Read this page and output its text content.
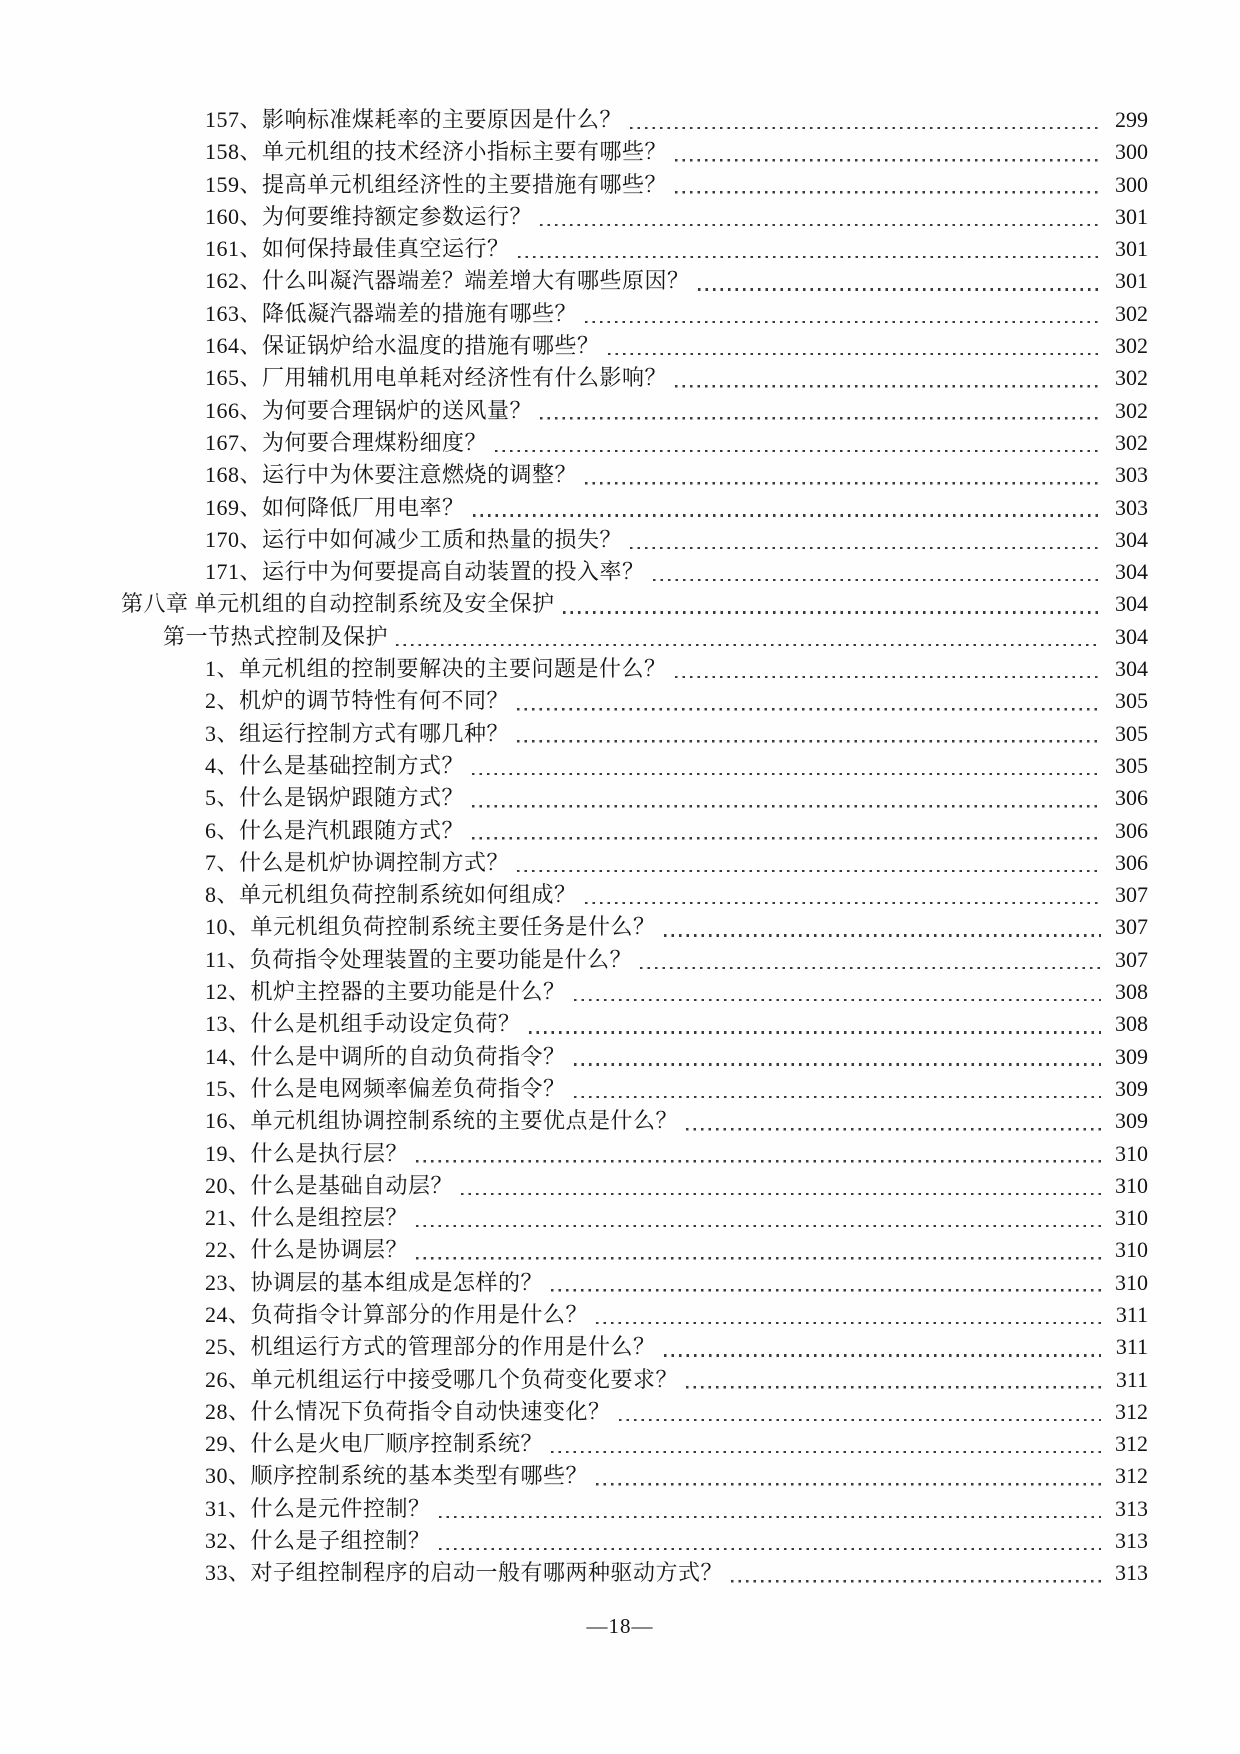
157、影响标准煤耗率的主要原因是什么？	299
158、单元机组的技术经济小指标主要有哪些？	300
159、提高单元机组经济性的主要措施有哪些？	300
160、为何要维持额定参数运行？	301
161、如何保持最佳真空运行？	301
162、什么叫凝汽器端差？端差增大有哪些原因？	301
163、降低凝汽器端差的措施有哪些？	302
164、保证锅炉给水温度的措施有哪些？	302
165、厂用辅机用电单耗对经济性有什么影响？	302
166、为何要合理锅炉的送风量？	302
167、为何要合理煤粉细度？	302
168、运行中为休要注意燃烧的调整？	303
169、如何降低厂用电率？	303
170、运行中如何减少工质和热量的损失？	304
171、运行中为何要提高自动装置的投入率？	304
第八章 单元机组的自动控制系统及安全保护	304
第一节热式控制及保护	304
1、单元机组的控制要解决的主要问题是什么？	304
2、机炉的调节特性有何不同？	305
3、组运行控制方式有哪几种？	305
4、什么是基础控制方式？	305
5、什么是锅炉跟随方式？	306
6、什么是汽机跟随方式？	306
7、什么是机炉协调控制方式？	306
8、单元机组负荷控制系统如何组成？	307
10、单元机组负荷控制系统主要任务是什么？	307
11、负荷指令处理装置的主要功能是什么？	307
12、机炉主控器的主要功能是什么？	308
13、什么是机组手动设定负荷？	308
14、什么是中调所的自动负荷指令？	309
15、什么是电网频率偏差负荷指令？	309
16、单元机组协调控制系统的主要优点是什么？	309
19、什么是执行层？	310
20、什么是基础自动层？	310
21、什么是组控层？	310
22、什么是协调层？	310
23、协调层的基本组成是怎样的？	310
24、负荷指令计算部分的作用是什么？	311
25、机组运行方式的管理部分的作用是什么？	311
26、单元机组运行中接受哪几个负荷变化要求？	311
28、什么情况下负荷指令自动快速变化？	312
29、什么是火电厂顺序控制系统？	312
30、顺序控制系统的基本类型有哪些？	312
31、什么是元件控制？	313
32、什么是子组控制？	313
33、对子组控制程序的启动一般有哪两种驱动方式？	313
—18—
